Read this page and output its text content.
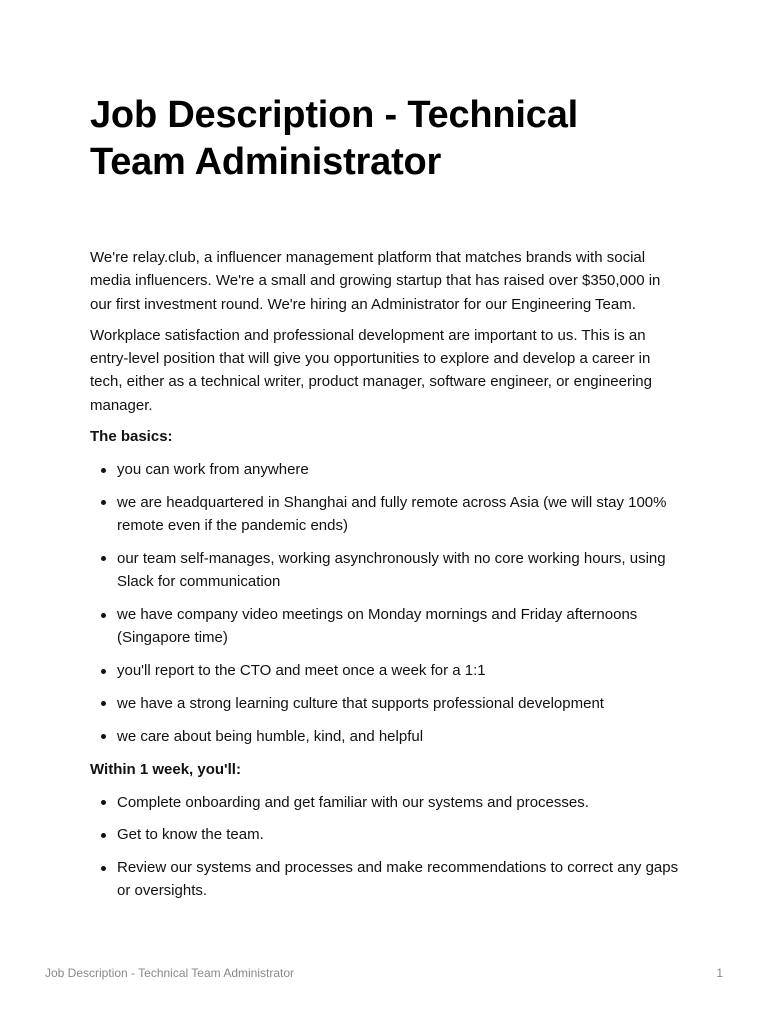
Job Description - Technical Team Administrator

We're relay.club, a influencer management platform that matches brands with social media influencers. We're a small and growing startup that has raised over $350,000 in our first investment round. We're hiring an Administrator for our Engineering Team.

Workplace satisfaction and professional development are important to us. This is an entry-level position that will give you opportunities to explore and develop a career in tech, either as a technical writer, product manager, software engineer, or engineering manager.

The basics:

you can work from anywhere
we are headquartered in Shanghai and fully remote across Asia (we will stay 100% remote even if the pandemic ends)
our team self-manages, working asynchronously with no core working hours, using Slack for communication
we have company video meetings on Monday mornings and Friday afternoons (Singapore time)
you'll report to the CTO and meet once a week for a 1:1
we have a strong learning culture that supports professional development
we care about being humble, kind, and helpful

Within 1 week, you'll:

Complete onboarding and get familiar with our systems and processes.
Get to know the team.
Review our systems and processes and make recommendations to correct any gaps or oversights.
Job Description - Technical Team Administrator	1
